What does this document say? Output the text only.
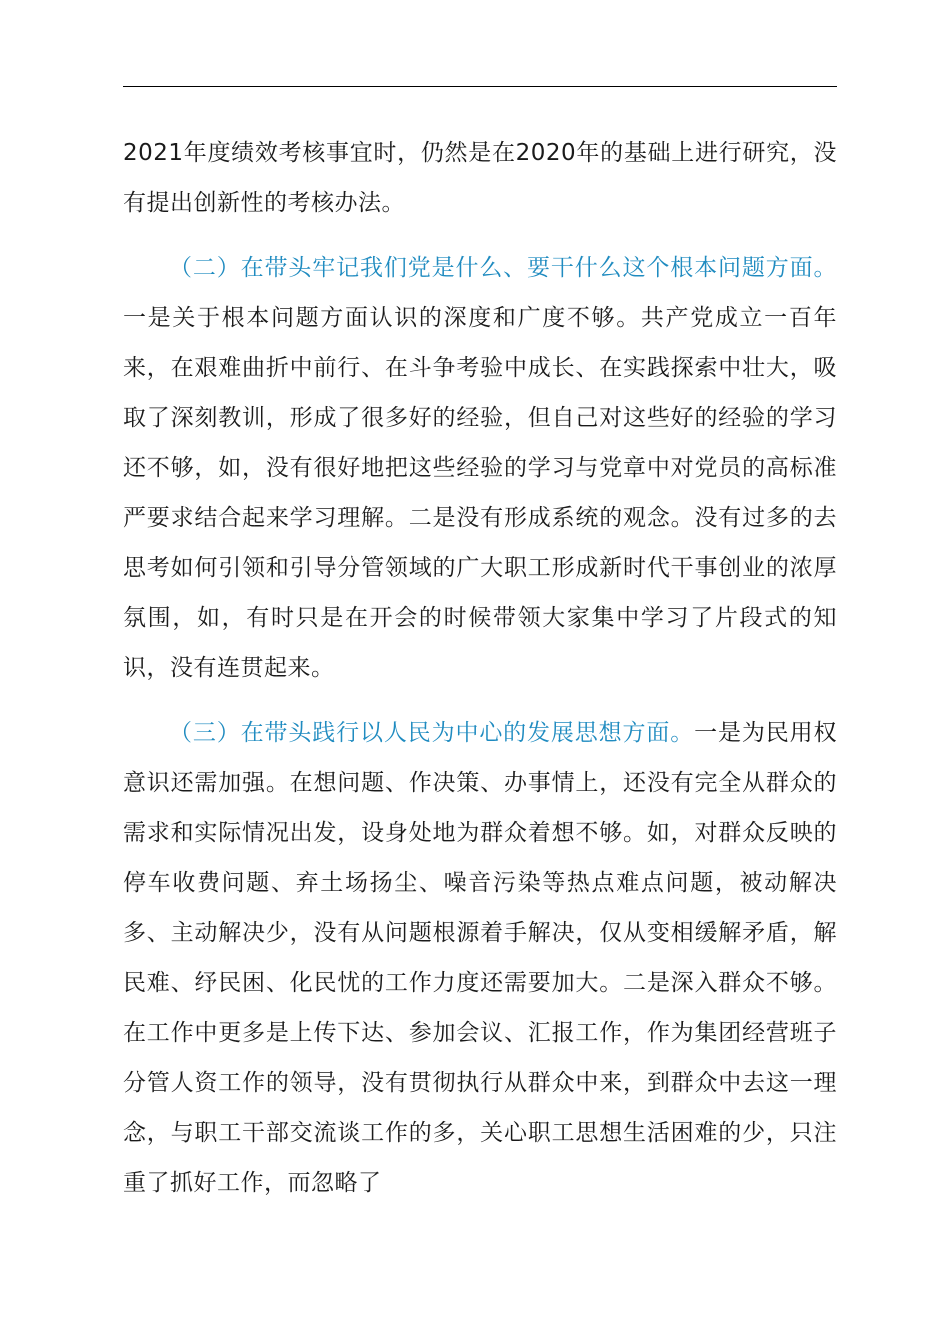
2021年度绩效考核事宜时，仍然是在2020年的基础上进行研究，没有提出创新性的考核办法。

（二）在带头牢记我们党是什么、要干什么这个根本问题方面。一是关于根本问题方面认识的深度和广度不够。共产党成立一百年来，在艰难曲折中前行、在斗争考验中成长、在实践探索中壮大，吸取了深刻教训，形成了很多好的经验，但自己对这些好的经验的学习还不够，如，没有很好地把这些经验的学习与党章中对党员的高标准严要求结合起来学习理解。二是没有形成系统的观念。没有过多的去思考如何引领和引导分管领域的广大职工形成新时代干事创业的浓厚氛围，如，有时只是在开会的时候带领大家集中学习了片段式的知识，没有连贯起来。

（三）在带头践行以人民为中心的发展思想方面。一是为民用权意识还需加强。在想问题、作决策、办事情上，还没有完全从群众的需求和实际情况出发，设身处地为群众着想不够。如，对群众反映的停车收费问题、弃土场扬尘、噪音污染等热点难点问题，被动解决多、主动解决少，没有从问题根源着手解决，仅从变相缓解矛盾，解民难、纾民困、化民忧的工作力度还需要加大。二是深入群众不够。在工作中更多是上传下达、参加会议、汇报工作，作为集团经营班子分管人资工作的领导，没有贯彻执行从群众中来，到群众中去这一理念，与职工干部交流谈工作的多，关心职工思想生活困难的少，只注重了抓好工作，而忽略了
